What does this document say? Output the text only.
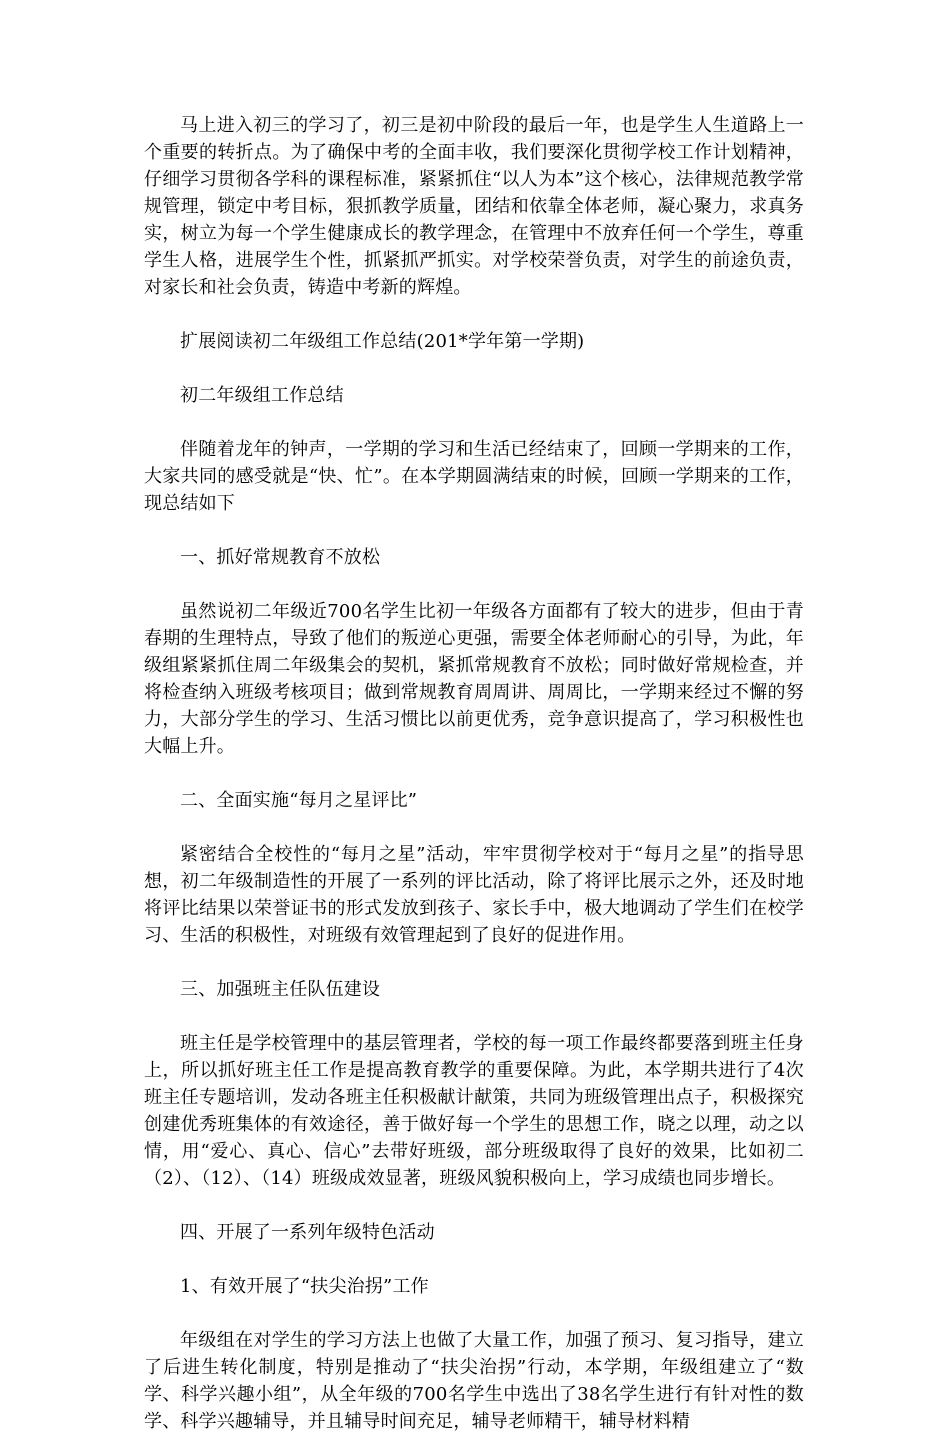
马上进入初三的学习了，初三是初中阶段的最后一年，也是学生人生道路上一个重要的转折点。为了确保中考的全面丰收，我们要深化贯彻学校工作计划精神，仔细学习贯彻各学科的课程标准，紧紧抓住“以人为本”这个核心，法律规范教学常规管理，锁定中考目标，狠抓教学质量，团结和依靠全体老师，凝心聚力，求真务实，树立为每一个学生健康成长的教学理念，在管理中不放弃任何一个学生，尊重学生人格，进展学生个性，抓紧抓严抓实。对学校荣誉负责，对学生的前途负责，对家长和社会负责，铸造中考新的辉煌。

扩展阅读初二年级组工作总结(201*学年第一学期)

初二年级组工作总结

伴随着龙年的钟声，一学期的学习和生活已经结束了，回顾一学期来的工作，大家共同的感受就是“快、忙”。在本学期圆满结束的时候，回顾一学期来的工作，现总结如下

一、抓好常规教育不放松

虽然说初二年级近700名学生比初一年级各方面都有了较大的进步，但由于青春期的生理特点，导致了他们的叛逆心更强，需要全体老师耐心的引导，为此，年级组紧紧抓住周二年级集会的契机，紧抓常规教育不放松；同时做好常规检查，并将检查纳入班级考核项目；做到常规教育周周讲、周周比，一学期来经过不懈的努力，大部分学生的学习、生活习惯比以前更优秀，竞争意识提高了，学习积极性也大幅上升。

二、全面实施“每月之星评比”

紧密结合全校性的“每月之星”活动，牢牢贯彻学校对于“每月之星”的指导思想，初二年级制造性的开展了一系列的评比活动，除了将评比展示之外，还及时地将评比结果以荣誉证书的形式发放到孩子、家长手中，极大地调动了学生们在校学习、生活的积极性，对班级有效管理起到了良好的促进作用。

三、加强班主任队伍建设

班主任是学校管理中的基层管理者，学校的每一项工作最终都要落到班主任身上，所以抓好班主任工作是提高教育教学的重要保障。为此，本学期共进行了4次班主任专题培训，发动各班主任积极献计献策，共同为班级管理出点子，积极探究创建优秀班集体的有效途径，善于做好每一个学生的思想工作，晓之以理，动之以情，用“爱心、真心、信心”去带好班级，部分班级取得了良好的效果，比如初二（2）、（12）、（14）班级成效显著，班级风貌积极向上，学习成绩也同步增长。

四、开展了一系列年级特色活动

1、有效开展了“扶尖治拐”工作

年级组在对学生的学习方法上也做了大量工作，加强了预习、复习指导，建立了后进生转化制度，特别是推动了“扶尖治拐”行动，本学期，年级组建立了“数学、科学兴趣小组”，从全年级的700名学生中选出了38名学生进行有针对性的数学、科学兴趣辅导，并且辅导时间充足，辅导老师精干，辅导材料精
